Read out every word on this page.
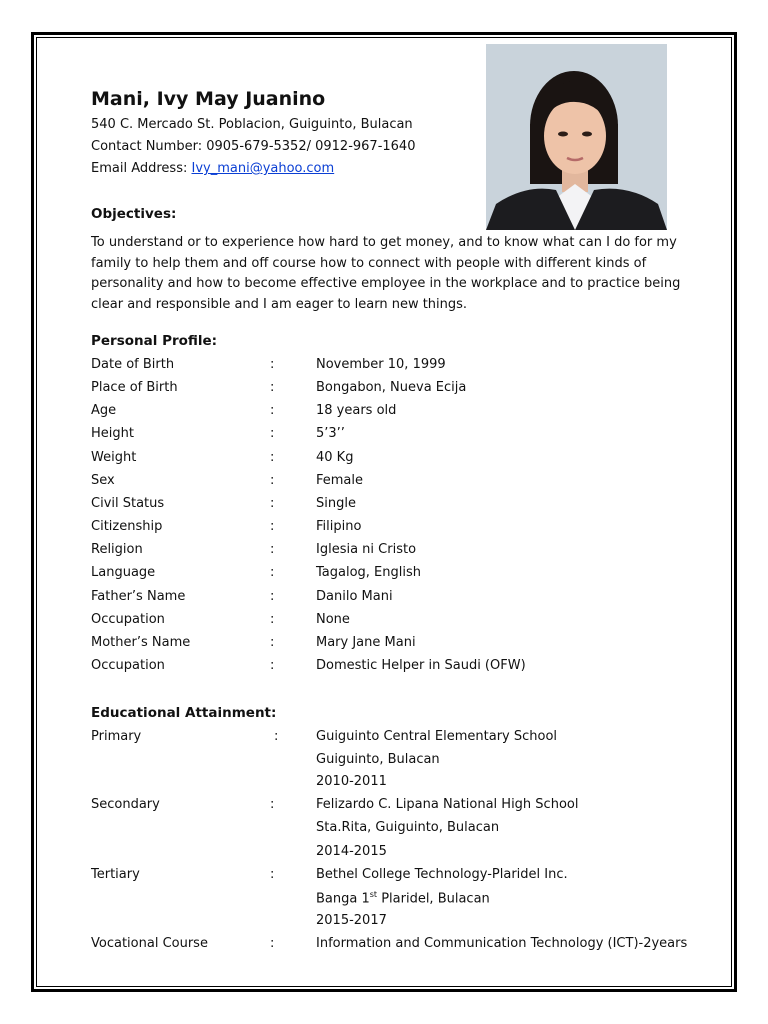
Mani, Ivy May Juanino
540 C. Mercado St. Poblacion, Guiguinto, Bulacan
Contact Number: 0905-679-5352/ 0912-967-1640
Email Address: Ivy_mani@yahoo.com
Objectives:
To understand or to experience how hard to get money, and to know what can I do for my family to help them and off course how to connect with people with different kinds of personality and how to become effective employee in the workplace and to practice being clear and responsible and I am eager to learn new things.
Personal Profile:
Date of Birth	:	November 10, 1999
Place of Birth	:	Bongabon, Nueva Ecija
Age	:	18 years old
Height	:	5’3’’
Weight	:	40 Kg
Sex	:	Female
Civil Status	:	Single
Citizenship	:	Filipino
Religion	:	Iglesia ni Cristo
Language	:	Tagalog, English
Father’s Name	:	Danilo Mani
Occupation	:	None
Mother’s Name	:	Mary Jane Mani
Occupation	:	Domestic Helper in Saudi (OFW)
Educational Attainment:
Primary	:	Guiguinto Central Elementary School
Guiguinto, Bulacan
2010-2011
Secondary	:	Felizardo C. Lipana National High School
Sta.Rita, Guiguinto, Bulacan
2014-2015
Tertiary	:	Bethel College Technology-Plaridel Inc.
Banga 1st Plaridel, Bulacan
2015-2017
Vocational Course	:	Information and Communication Technology (ICT)-2years
